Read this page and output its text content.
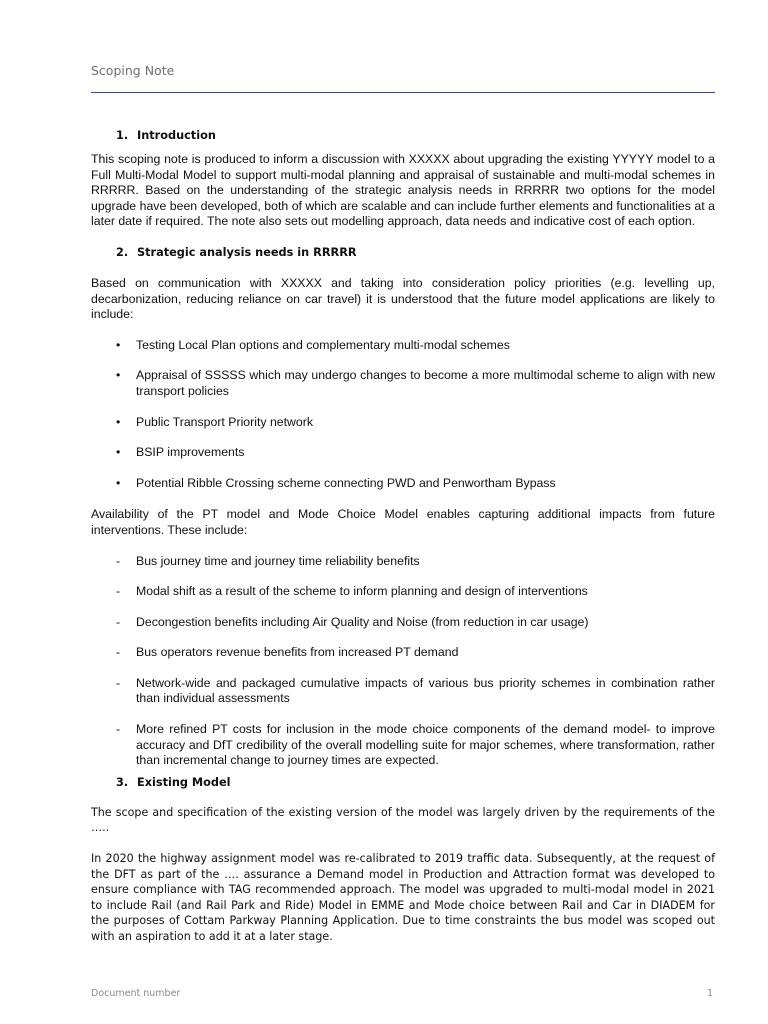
Scoping Note
1. Introduction

This scoping note is produced to inform a discussion with XXXXX about upgrading the existing YYYYY model to a Full Multi-Modal Model to support multi-modal planning and appraisal of sustainable and multi-modal schemes in RRRRR. Based on the understanding of the strategic analysis needs in RRRRR two options for the model upgrade have been developed, both of which are scalable and can include further elements and functionalities at a later date if required. The note also sets out modelling approach, data needs and indicative cost of each option.

2. Strategic analysis needs in RRRRR

Based on communication with XXXXX and taking into consideration policy priorities (e.g. levelling up, decarbonization, reducing reliance on car travel) it is understood that the future model applications are likely to include:

• Testing Local Plan options and complementary multi-modal schemes
• Appraisal of SSSSS which may undergo changes to become a more multimodal scheme to align with new transport policies
• Public Transport Priority network
• BSIP improvements
• Potential Ribble Crossing scheme connecting PWD and Penwortham Bypass

Availability of the PT model and Mode Choice Model enables capturing additional impacts from future interventions. These include:

- Bus journey time and journey time reliability benefits
- Modal shift as a result of the scheme to inform planning and design of interventions
- Decongestion benefits including Air Quality and Noise (from reduction in car usage)
- Bus operators revenue benefits from increased PT demand
- Network-wide and packaged cumulative impacts of various bus priority schemes in combination rather than individual assessments
- More refined PT costs for inclusion in the mode choice components of the demand model- to improve accuracy and DfT credibility of the overall modelling suite for major schemes, where transformation, rather than incremental change to journey times are expected.
3. Existing Model

The scope and specification of the existing version of the model was largely driven by the requirements of the …..

In 2020 the highway assignment model was re-calibrated to 2019 traffic data. Subsequently, at the request of the DFT as part of the …. assurance a Demand model in Production and Attraction format was developed to ensure compliance with TAG recommended approach. The model was upgraded to multi-modal model in 2021 to include Rail (and Rail Park and Ride) Model in EMME and Mode choice between Rail and Car in DIADEM for the purposes of Cottam Parkway Planning Application. Due to time constraints the bus model was scoped out with an aspiration to add it at a later stage.

Document number	1
